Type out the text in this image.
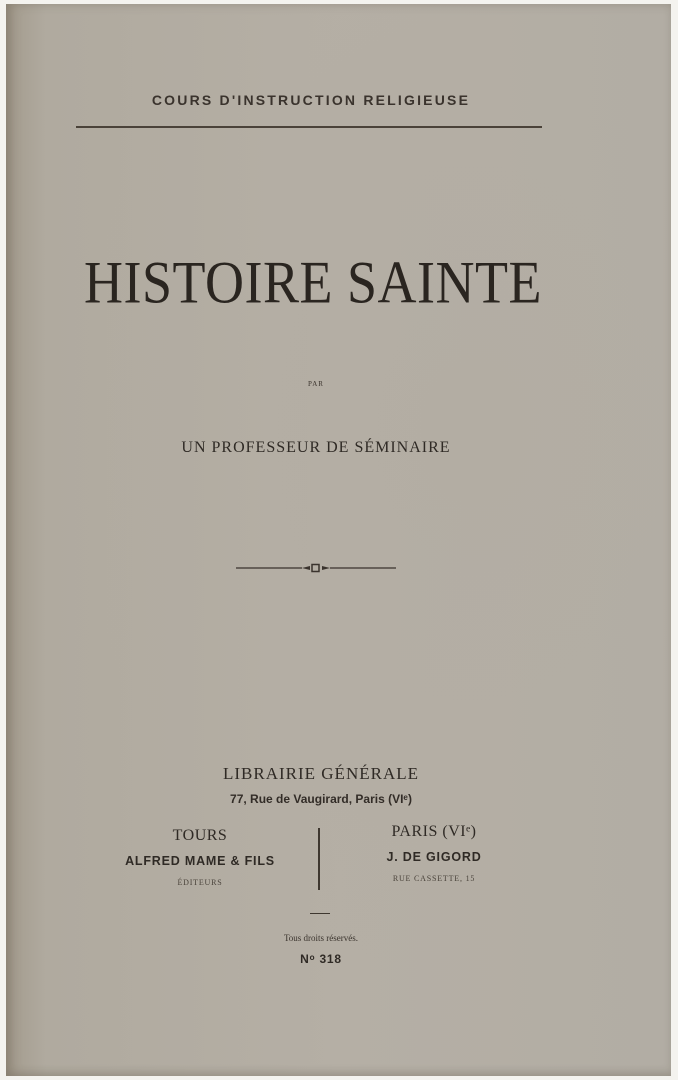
COURS D'INSTRUCTION RELIGIEUSE
HISTOIRE SAINTE
PAR
UN PROFESSEUR DE SÉMINAIRE
LIBRAIRIE GÉNÉRALE
77, Rue de Vaugirard, Paris (VIᵉ)
TOURS
ALFRED MAME & FILS
ÉDITEURS
PARIS (VIᵉ)
J. DE GIGORD
RUE CASSETTE, 15
Tous droits réservés.
Nᵒ 318
